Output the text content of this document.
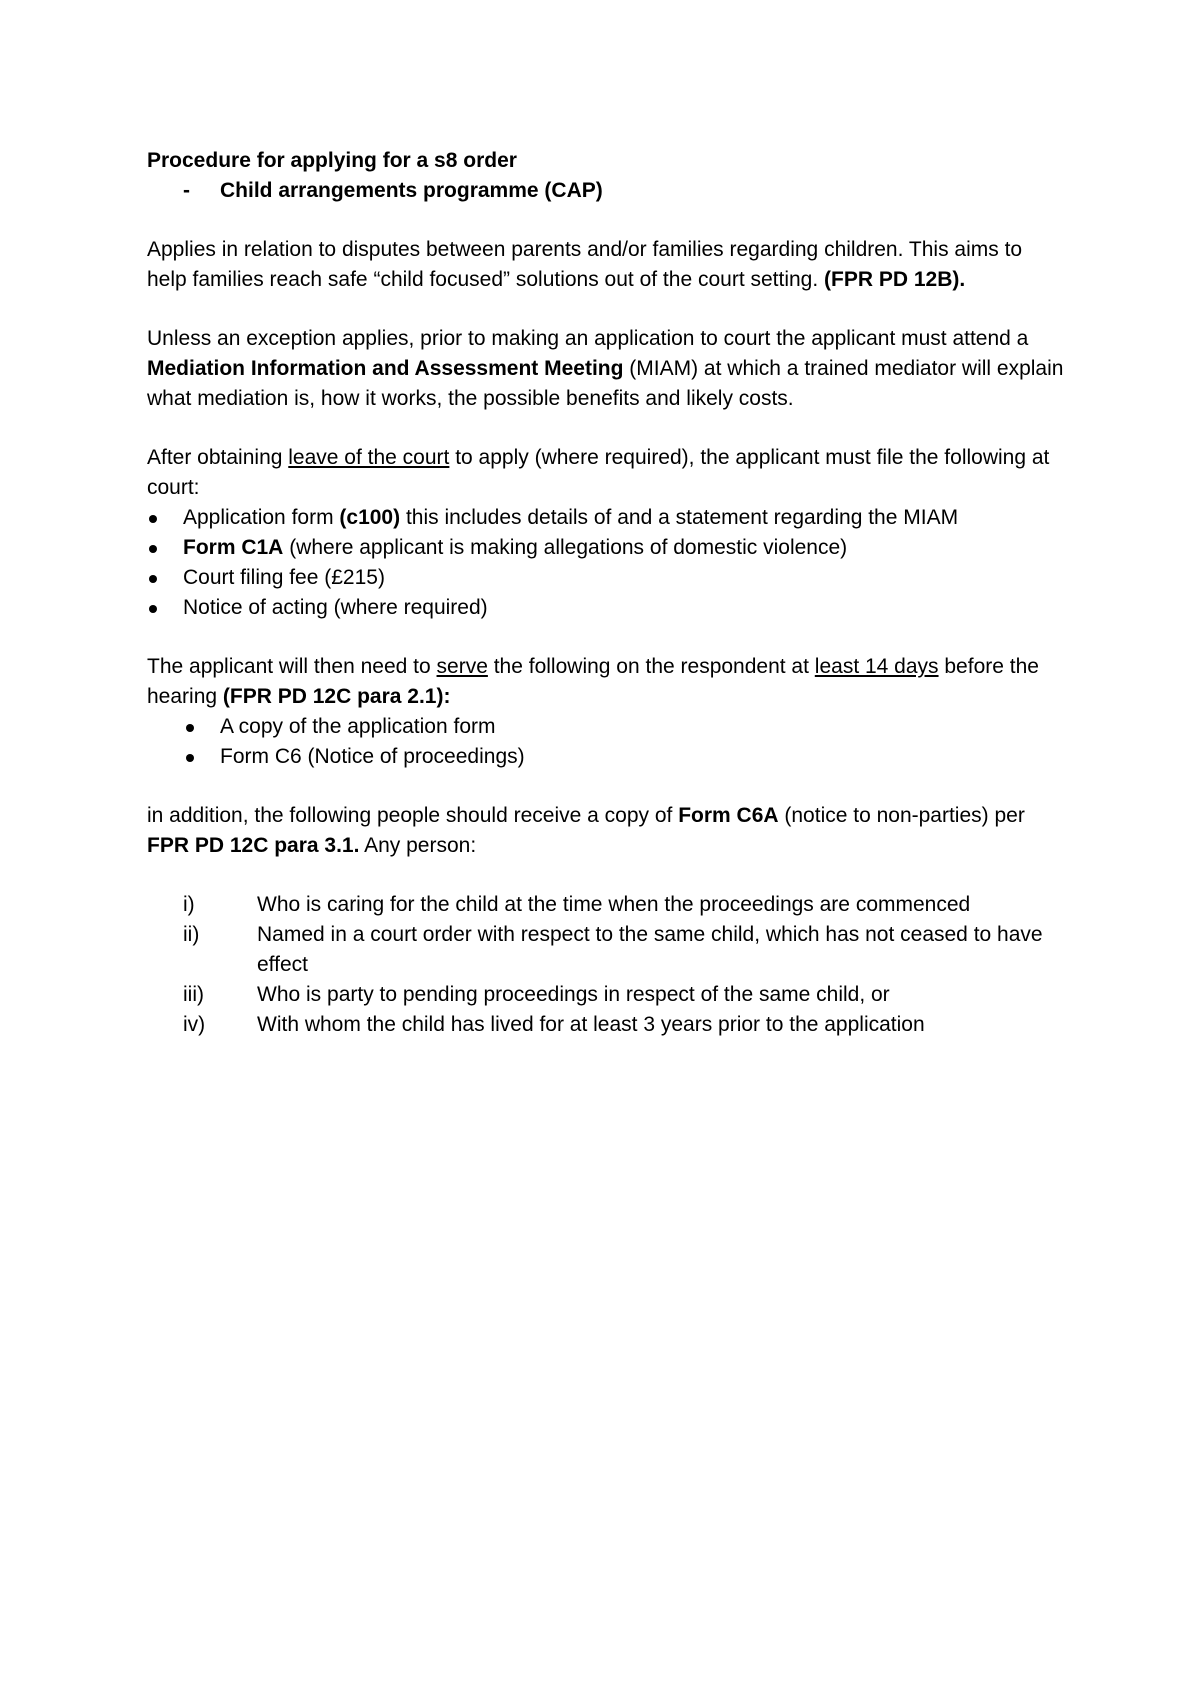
Procedure for applying for a s8 order

- Child arrangements programme (CAP)

Applies in relation to disputes between parents and/or families regarding children. This aims to help families reach safe “child focused” solutions out of the court setting. (FPR PD 12B).

Unless an exception applies, prior to making an application to court the applicant must attend a Mediation Information and Assessment Meeting (MIAM) at which a trained mediator will explain what mediation is, how it works, the possible benefits and likely costs.

After obtaining leave of the court to apply (where required), the applicant must file the following at court:

Application form (c100) this includes details of and a statement regarding the MIAM
Form C1A (where applicant is making allegations of domestic violence)
Court filing fee (£215)
Notice of acting (where required)

The applicant will then need to serve the following on the respondent at least 14 days before the hearing (FPR PD 12C para 2.1):

A copy of the application form
Form C6 (Notice of proceedings)

in addition, the following people should receive a copy of Form C6A (notice to non-parties) per FPR PD 12C para 3.1. Any person:

i)	Who is caring for the child at the time when the proceedings are commenced
ii)	Named in a court order with respect to the same child, which has not ceased to have effect
iii)	Who is party to pending proceedings in respect of the same child, or
iv)	With whom the child has lived for at least 3 years prior to the application
